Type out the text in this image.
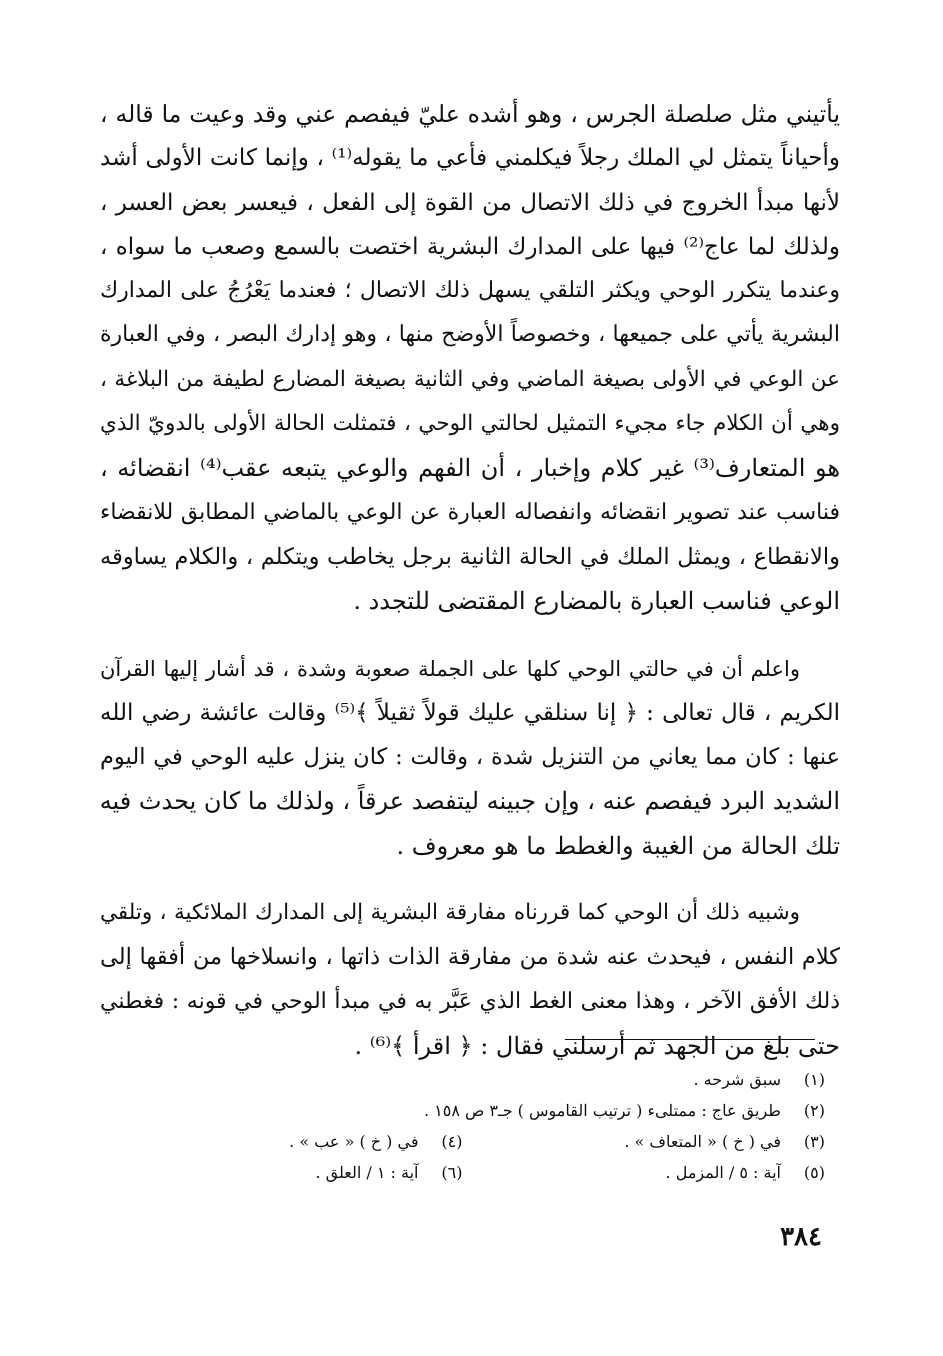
يأتيني مثل صلصلة الجرس ، وهو أشده عليّ فيفصم عني وقد وعيت ما قاله ،
وأحياناً يتمثل لي الملك رجلاً فيكلمني فأعي ما يقوله⁽¹⁾ ، وإنما كانت الأولى أشد
لأنها مبدأ الخروج في ذلك الاتصال من القوة إلى الفعل ، فيعسر بعض العسر ،
ولذلك لما عاج⁽²⁾ فيها على المدارك البشرية اختصت بالسمع وصعب ما سواه ،
وعندما يتكرر الوحي ويكثر التلقي يسهل ذلك الاتصال ؛ فعندما يَعْرُجُ على المدارك
البشرية يأتي على جميعها ، وخصوصاً الأوضح منها ، وهو إدارك البصر ، وفي العبارة
عن الوعي في الأولى بصيغة الماضي وفي الثانية بصيغة المضارع لطيفة من البلاغة ،
وهي أن الكلام جاء مجيء التمثيل لحالتي الوحي ، فتمثلت الحالة الأولى بالدويّ الذي
هو المتعارف⁽³⁾ غير كلام وإخبار ، أن الفهم والوعي يتبعه عقب⁽⁴⁾ انقضائه ،
فناسب عند تصوير انقضائه وانفصاله العبارة عن الوعي بالماضي المطابق للانقضاء
والانقطاع ، ويمثل الملك في الحالة الثانية برجل يخاطب ويتكلم ، والكلام يساوقه
الوعي فناسب العبارة بالمضارع المقتضى للتجدد .
واعلم أن في حالتي الوحي كلها على الجملة صعوبة وشدة ، قد أشار إليها القرآن
الكريم ، قال تعالى : ﴿ إنا سنلقي عليك قولاً ثقيلاً ﴾⁽⁵⁾ وقالت عائشة رضي الله
عنها : كان مما يعاني من التنزيل شدة ، وقالت : كان ينزل عليه الوحي في اليوم
الشديد البرد فيفصم عنه ، وإن جبينه ليتفصد عرقاً ، ولذلك ما كان يحدث فيه
تلك الحالة من الغيبة والغطط ما هو معروف .
وشبيه ذلك أن الوحي كما قررناه مفارقة البشرية إلى المدارك الملائكية ، وتلقي
كلام النفس ، فيحدث عنه شدة من مفارقة الذات ذاتها ، وانسلاخها من أفقها إلى
ذلك الأفق الآخر ، وهذا معنى الغط الذي عَبَّر به في مبدأ الوحي في قونه : فغطني
حتى بلغ من الجهد ثم أرسلني فقال : ﴿ اقرأ ﴾⁽⁶⁾ .
(١)
سبق شرحه .
(٢)
طريق عاج : ممتلىء ( ترتيب القاموس ) جـ٣ ص ١٥٨ .
(٣)
في ( خ ) « المتعاف » .
(٤)
في ( خ ) « عب » .
(٥)
آية : ٥ / المزمل .
(٦)
آية : ١ / العلق .
٣٨٤
